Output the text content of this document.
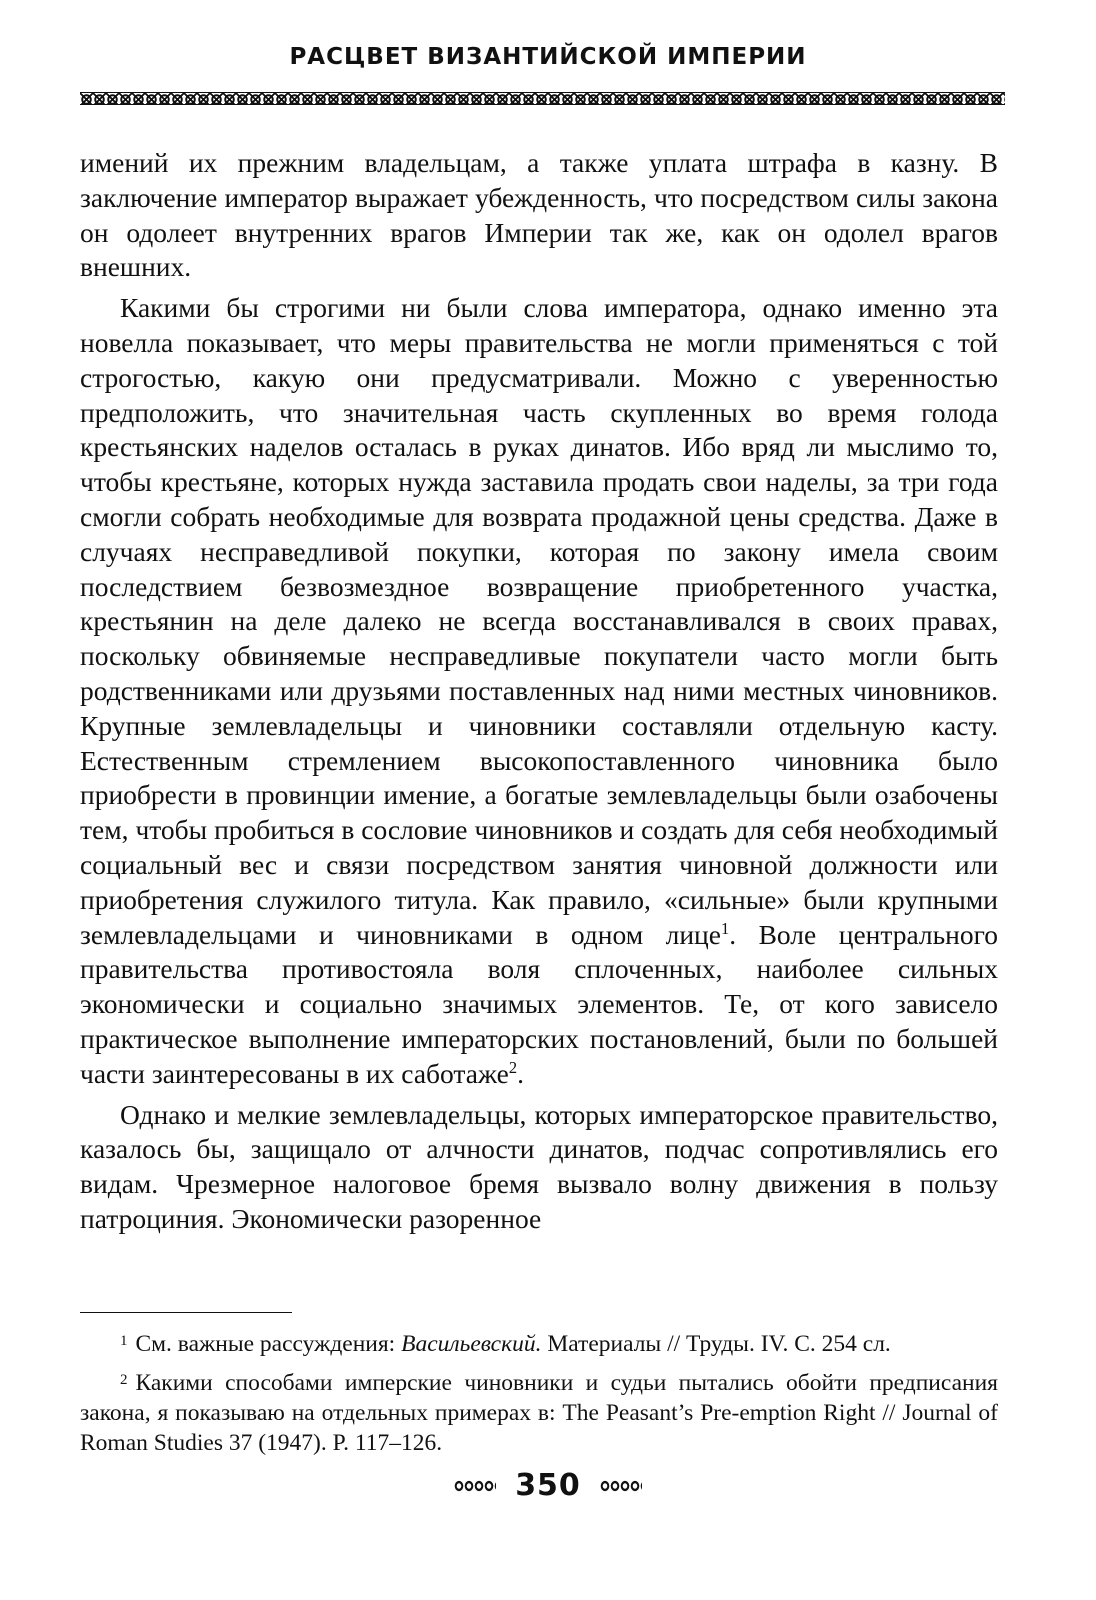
РАСЦВЕТ ВИЗАНТИЙСКОЙ ИМПЕРИИ

имений их прежним владельцам, а также уплата штрафа в казну. В заключение император выражает убежденность, что посредством силы закона он одолеет внутренних врагов Империи так же, как он одолел врагов внешних.

Какими бы строгими ни были слова императора, однако именно эта новелла показывает, что меры правительства не могли применяться с той строгостью, какую они предусматривали. Можно с уверенностью предположить, что значительная часть скупленных во время голода крестьянских наделов осталась в руках динатов. Ибо вряд ли мыслимо то, чтобы крестьяне, которых нужда заставила продать свои наделы, за три года смогли собрать необходимые для возврата продажной цены средства. Даже в случаях несправедливой покупки, которая по закону имела своим последствием безвозмездное возвращение приобретенного участка, крестьянин на деле далеко не всегда восстанавливался в своих правах, поскольку обвиняемые несправедливые покупатели часто могли быть родственниками или друзьями поставленных над ними местных чиновников. Крупные землевладельцы и чиновники составляли отдельную касту. Естественным стремлением высокопоставленного чиновника было приобрести в провинции имение, а богатые землевладельцы были озабочены тем, чтобы пробиться в сословие чиновников и создать для себя необходимый социальный вес и связи посредством занятия чиновной должности или приобретения служилого титула. Как правило, «сильные» были крупными землевладельцами и чиновниками в одном лице$^1$. Воле центрального правительства противостояла воля сплоченных, наиболее сильных экономически и социально значимых элементов. Те, от кого зависело практическое выполнение императорских постановлений, были по большей части заинтересованы в их саботаже$^2$.

Однако и мелкие землевладельцы, которых императорское правительство, казалось бы, защищало от алчности динатов, подчас сопротивлялись его видам. Чрезмерное налоговое бремя вызвало волну движения в пользу патроциния. Экономически разоренное

$^1$ См. важные рассуждения: Васильевский. Материалы // Труды. IV. С. 254 сл.

$^2$ Какими способами имперские чиновники и судьи пытались обойти предписания закона, я показываю на отдельных примерах в: The Peasant’s Pre-emption Right // Journal of Roman Studies 37 (1947). P. 117–126.

350
